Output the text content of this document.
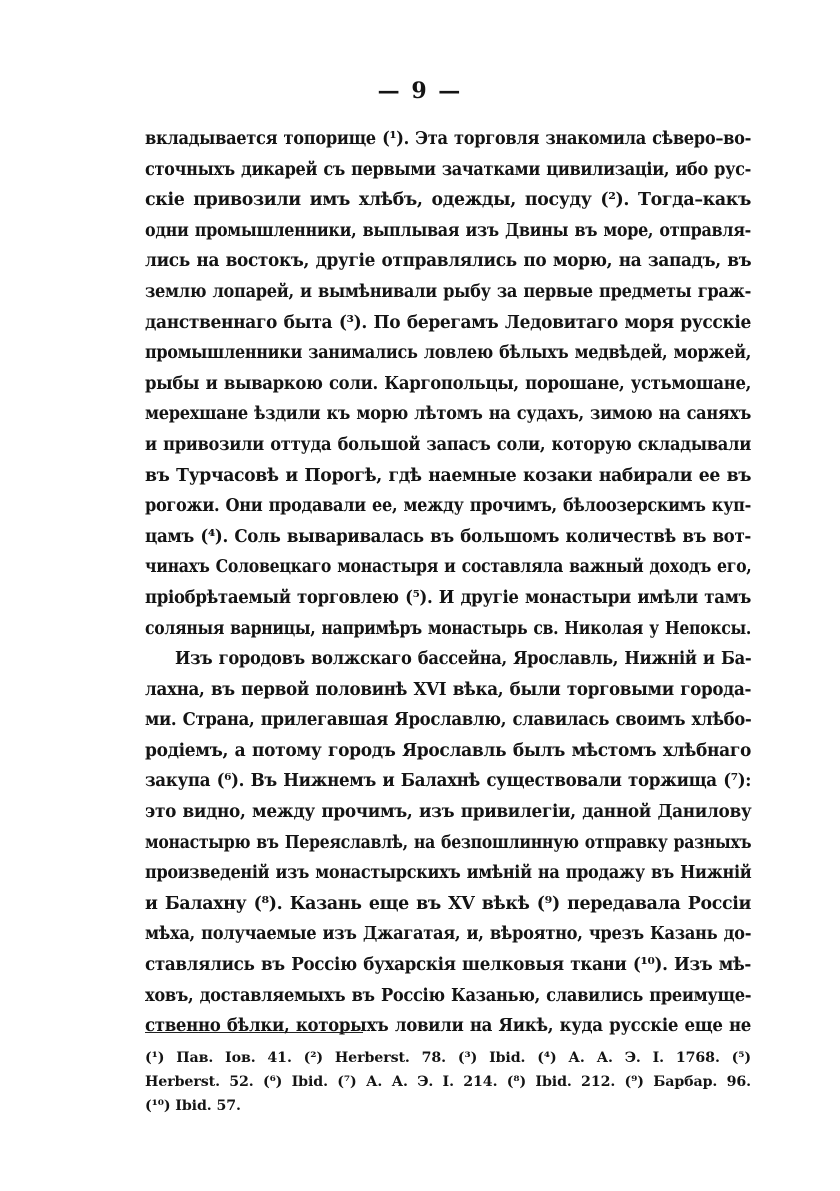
— 9 —
вкладывается топорище (¹). Эта торговля знакомила сѣверо–во-
сточныхъ дикарей съ первыми зачатками цивилизаціи, ибо рус-
скіе привозили имъ хлѣбъ, одежды, посуду (²). Тогда–какъ
одни промышленники, выплывая изъ Двины въ море, отправля-
лись на востокъ, другіе отправлялись по морю, на западъ, въ
землю лопарей, и вымѣнивали рыбу за первые предметы граж-
данственнаго быта (³). По берегамъ Ледовитаго моря русскіе
промышленники занимались ловлею бѣлыхъ медвѣдей, моржей,
рыбы и вываркою соли. Каргопольцы, порошане, устьмошане,
мерехшане ѣздили къ морю лѣтомъ на судахъ, зимою на саняхъ
и привозили оттуда большой запасъ соли, которую складывали
въ Турчасовѣ и Порогѣ, гдѣ наемные козаки набирали ее въ
рогожи. Они продавали ее, между прочимъ, бѣлоозерскимъ куп-
цамъ (⁴). Соль вываривалась въ большомъ количествѣ въ вот-
чинахъ Соловецкаго монастыря и составляла важный доходъ его,
пріобрѣтаемый торговлею (⁵). И другіе монастыри имѣли тамъ
соляныя варницы, напримѣръ монастырь св. Николая у Непоксы.
Изъ городовъ волжскаго бассейна, Ярославль, Нижній и Ба-
лахна, въ первой половинѣ XVI вѣка, были торговыми города-
ми. Страна, прилегавшая Ярославлю, славилась своимъ хлѣбо-
родіемъ, а потому городъ Ярославль былъ мѣстомъ хлѣбнаго
закупа (⁶). Въ Нижнемъ и Балахнѣ существовали торжища (⁷):
это видно, между прочимъ, изъ привилегіи, данной Данилову
монастырю въ Переяславлѣ, на безпошлинную отправку разныхъ
произведеній изъ монастырскихъ имѣній на продажу въ Нижній
и Балахну (⁸). Казань еще въ XV вѣкѣ (⁹) передавала Россіи
мѣха, получаемые изъ Джагатая, и, вѣроятно, чрезъ Казань до-
ставлялись въ Россію бухарскія шелковыя ткани (¹⁰). Изъ мѣ-
ховъ, доставляемыхъ въ Россію Казанью, славились преимуще-
ственно бѣлки, которыхъ ловили на Яикѣ, куда русскіе еще не
(¹) Пав. Іов. 41. (²) Herberst. 78. (³) Ibid. (⁴) А. А. Э. I. 1768. (⁵)
Herberst. 52. (⁶) Ibid. (⁷) А. А. Э. I. 214. (⁸) Ibid. 212. (⁹) Барбар. 96.
(¹⁰) Ibid. 57.
